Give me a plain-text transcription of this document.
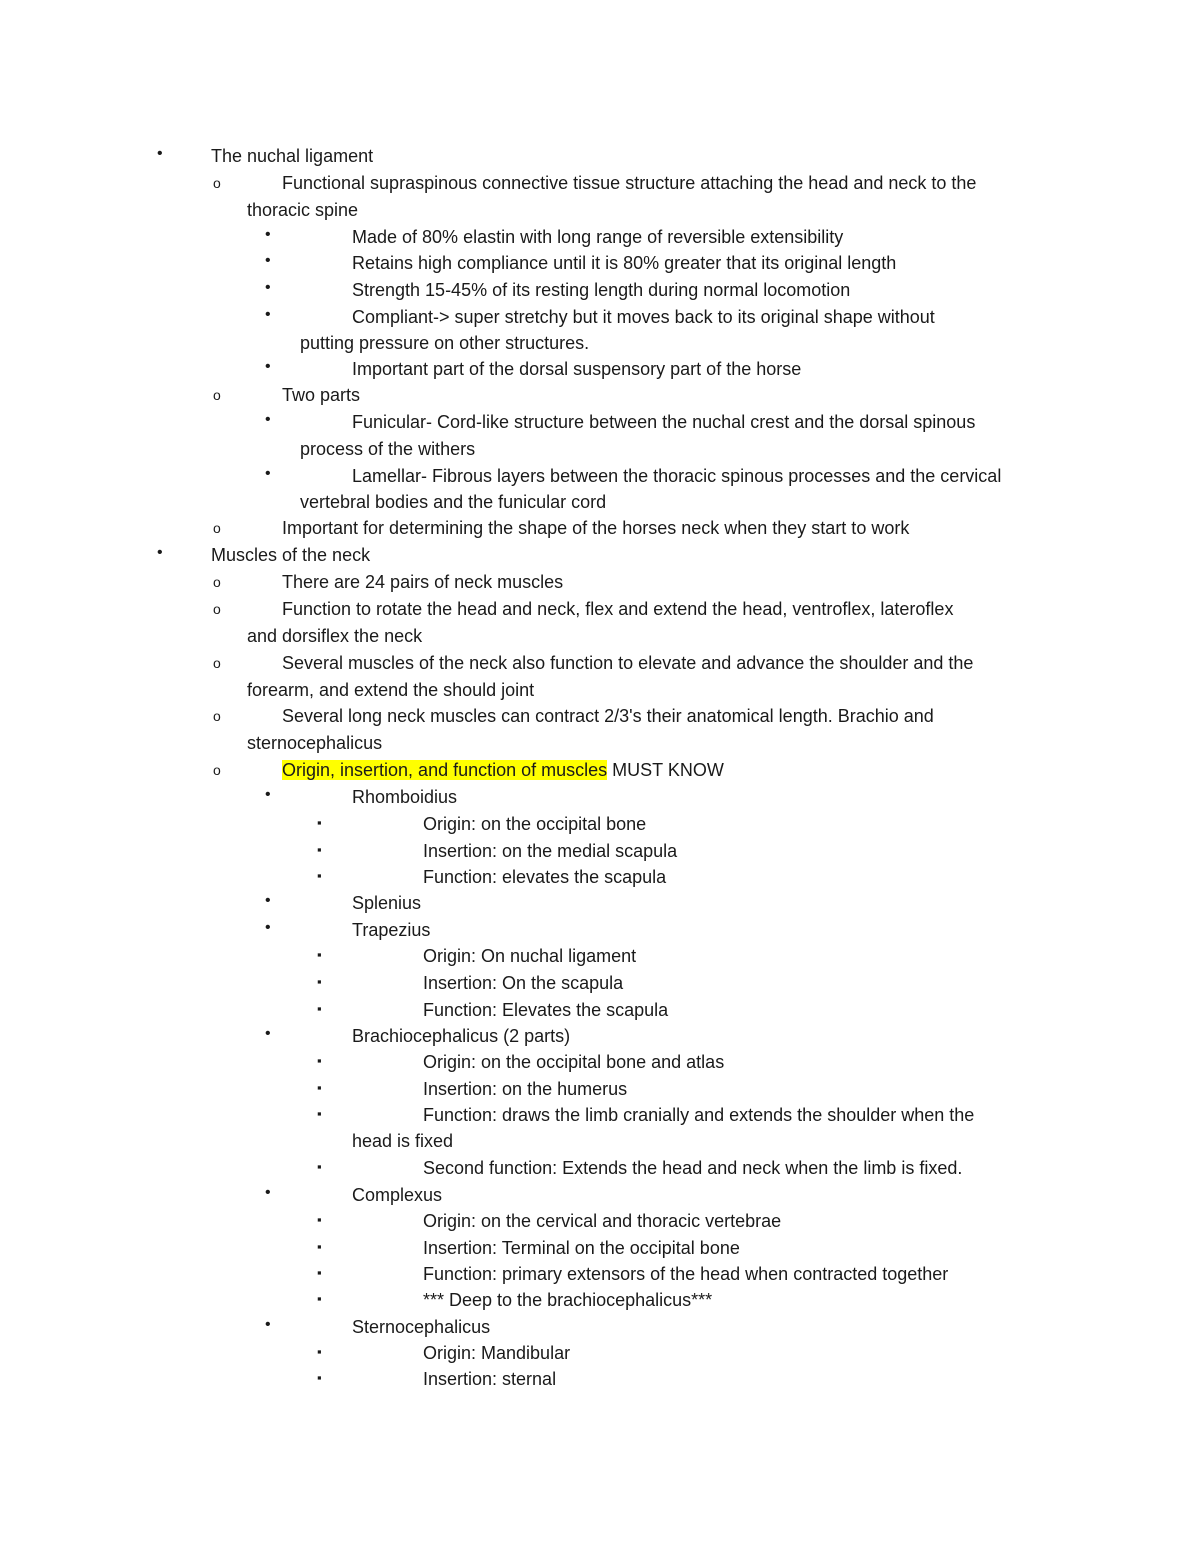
•	The nuchal ligament
o	Functional supraspinous connective tissue structure attaching the head and neck to the
thoracic spine
•	Made of 80% elastin with long range of reversible extensibility
•	Retains high compliance until it is 80% greater that its original length
•	Strength 15-45% of its resting length during normal locomotion
•	Compliant-> super stretchy but it moves back to its original shape without
putting pressure on other structures.
•	Important part of the dorsal suspensory part of the horse
o	Two parts
•	Funicular- Cord-like structure between the nuchal crest and the dorsal spinous
process of the withers
•	Lamellar- Fibrous layers between the thoracic spinous processes and the cervical
vertebral bodies and the funicular cord
o	Important for determining the shape of the horses neck when they start to work
•	Muscles of the neck
o	There are 24 pairs of neck muscles
o	Function to rotate the head and neck, flex and extend the head, ventroflex, lateroflex
and dorsiflex the neck
o	Several muscles of the neck also function to elevate and advance the shoulder and the
forearm, and extend the should joint
o	Several long neck muscles can contract 2/3's their anatomical length. Brachio and
sternocephalicus
o	Origin, insertion, and function of muscles MUST KNOW
•	Rhomboidius
▪	Origin: on the occipital bone
▪	Insertion: on the medial scapula
▪	Function: elevates the scapula
•	Splenius
•	Trapezius
▪	Origin: On nuchal ligament
▪	Insertion: On the scapula
▪	Function: Elevates the scapula
•	Brachiocephalicus (2 parts)
▪	Origin: on the occipital bone and atlas
▪	Insertion: on the humerus
▪	Function: draws the limb cranially and extends the shoulder when the
head is fixed
▪	Second function: Extends the head and neck when the limb is fixed.
•	Complexus
▪	Origin: on the cervical and thoracic vertebrae
▪	Insertion: Terminal on the occipital bone
▪	Function: primary extensors of the head when contracted together
▪	*** Deep to the brachiocephalicus***
•	Sternocephalicus
▪	Origin: Mandibular
▪	Insertion: sternal
